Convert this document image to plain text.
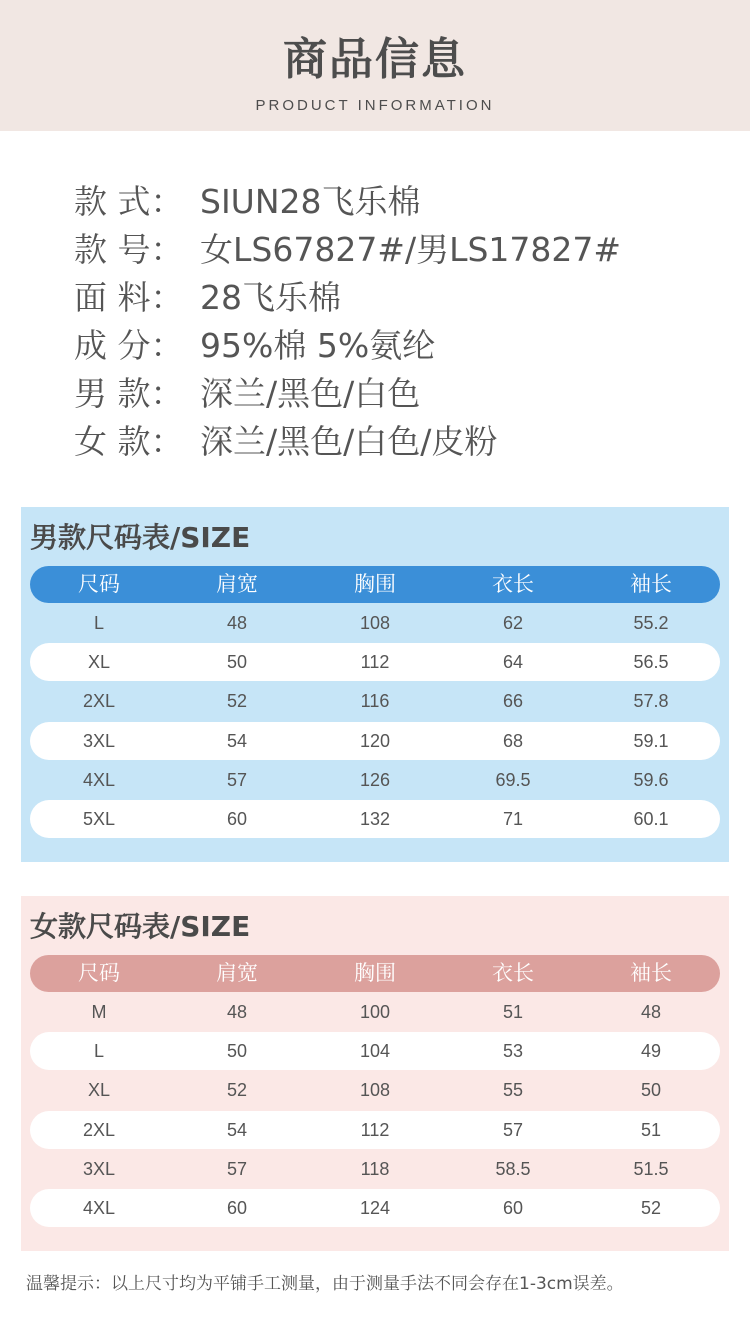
商品信息
PRODUCT INFORMATION
款 式： SIUN28飞乐棉
款 号： 女LS67827#/男LS17827#
面 料： 28飞乐棉
成 分： 95%棉 5%氨纶
男 款： 深兰/黑色/白色
女 款： 深兰/黑色/白色/皮粉
男款尺码表/SIZE
尺码	肩宽	胸围	衣长	袖长
L	48	108	62	55.2
XL	50	112	64	56.5
2XL	52	116	66	57.8
3XL	54	120	68	59.1
4XL	57	126	69.5	59.6
5XL	60	132	71	60.1
女款尺码表/SIZE
尺码	肩宽	胸围	衣长	袖长
M	48	100	51	48
L	50	104	53	49
XL	52	108	55	50
2XL	54	112	57	51
3XL	57	118	58.5	51.5
4XL	60	124	60	52
温馨提示：以上尺寸均为平铺手工测量，由于测量手法不同会存在1-3cm误差。
